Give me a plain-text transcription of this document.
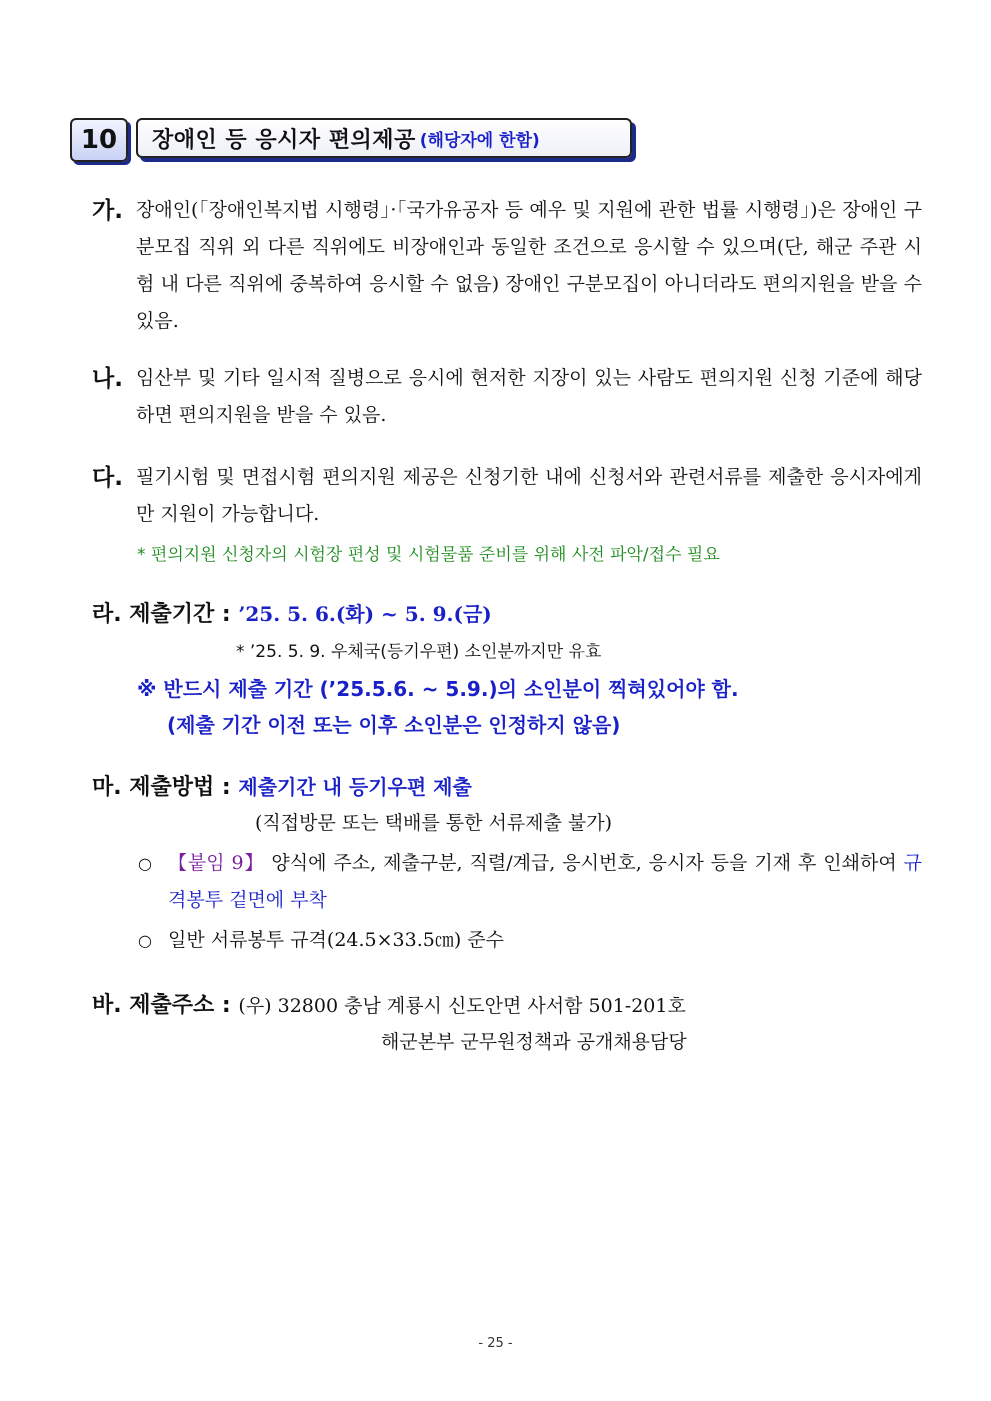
10	장애인 등 응시자 편의제공 (해당자에 한함)
가. 장애인(「장애인복지법 시행령」·「국가유공자 등 예우 및 지원에 관한 법률 시행령」)은 장애인 구분모집 직위 외 다른 직위에도 비장애인과 동일한 조건으로 응시할 수 있으며(단, 해군 주관 시험 내 다른 직위에 중복하여 응시할 수 없음) 장애인 구분모집이 아니더라도 편의지원을 받을 수 있음.
나. 임산부 및 기타 일시적 질병으로 응시에 현저한 지장이 있는 사람도 편의지원 신청 기준에 해당하면 편의지원을 받을 수 있음.
다. 필기시험 및 면접시험 편의지원 제공은 신청기한 내에 신청서와 관련서류를 제출한 응시자에게만 지원이 가능합니다.
* 편의지원 신청자의 시험장 편성 및 시험물품 준비를 위해 사전 파악/접수 필요
라. 제출기간 : ’25. 5. 6.(화) ~ 5. 9.(금)
* ’25. 5. 9. 우체국(등기우편) 소인분까지만 유효
※ 반드시 제출 기간 (’25.5.6. ~ 5.9.)의 소인분이 찍혀있어야 함.
(제출 기간 이전 또는 이후 소인분은 인정하지 않음)
마. 제출방법 : 제출기간 내 등기우편 제출
(직접방문 또는 택배를 통한 서류제출 불가)
○ 【붙임 9】 양식에 주소, 제출구분, 직렬/계급, 응시번호, 응시자 등을 기재 후 인쇄하여 규격봉투 겉면에 부착
○ 일반 서류봉투 규격(24.5×33.5㎝) 준수
바. 제출주소 : (우) 32800 충남 계룡시 신도안면 사서함 501-201호
해군본부 군무원정책과 공개채용담당
- 25 -
